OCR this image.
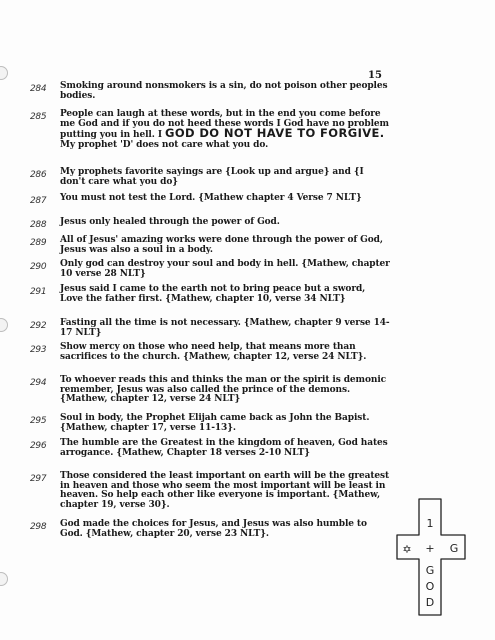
15
284 Smoking around nonsmokers is a sin, do not poison other peoples bodies.
285 People can laugh at these words, but in the end you come before me God and if you do not heed these words I God have no problem putting you in hell. I GOD DO NOT HAVE TO FORGIVE. My prophet 'D' does not care what you do.
286 My prophets favorite sayings are {Look up and argue} and {I don't care what you do}
287 You must not test the Lord. {Mathew chapter 4 Verse 7 NLT}
288 Jesus only healed through the power of God.
289 All of Jesus' amazing works were done through the power of God, Jesus was also a soul in a body.
290 Only god can destroy your soul and body in hell. {Mathew, chapter 10 verse 28 NLT}
291 Jesus said I came to the earth not to bring peace but a sword, Love the father first. {Mathew, chapter 10, verse 34 NLT}
292 Fasting all the time is not necessary. {Mathew, chapter 9 verse 14-17 NLT}
293 Show mercy on those who need help, that means more than sacrifices to the church. {Mathew, chapter 12, verse 24 NLT}.
294 To whoever reads this and thinks the man or the spirit is demonic remember, Jesus was also called the prince of the demons. {Mathew, chapter 12, verse 24 NLT}
295 Soul in body, the Prophet Elijah came back as John the Bapist. {Mathew, chapter 17, verse 11-13}.
296 The humble are the Greatest in the kingdom of heaven, God hates arrogance. {Mathew, Chapter 18 verses 2-10 NLT}
297 Those considered the least important on earth will be the greatest in heaven and those who seem the most important will be least in heaven. So help each other like everyone is important. {Mathew, chapter 19, verse 30}.
298 God made the choices for Jesus, and Jesus was also humble to God. {Mathew, chapter 20, verse 23 NLT}.
1
✡ + G
G
O
D
